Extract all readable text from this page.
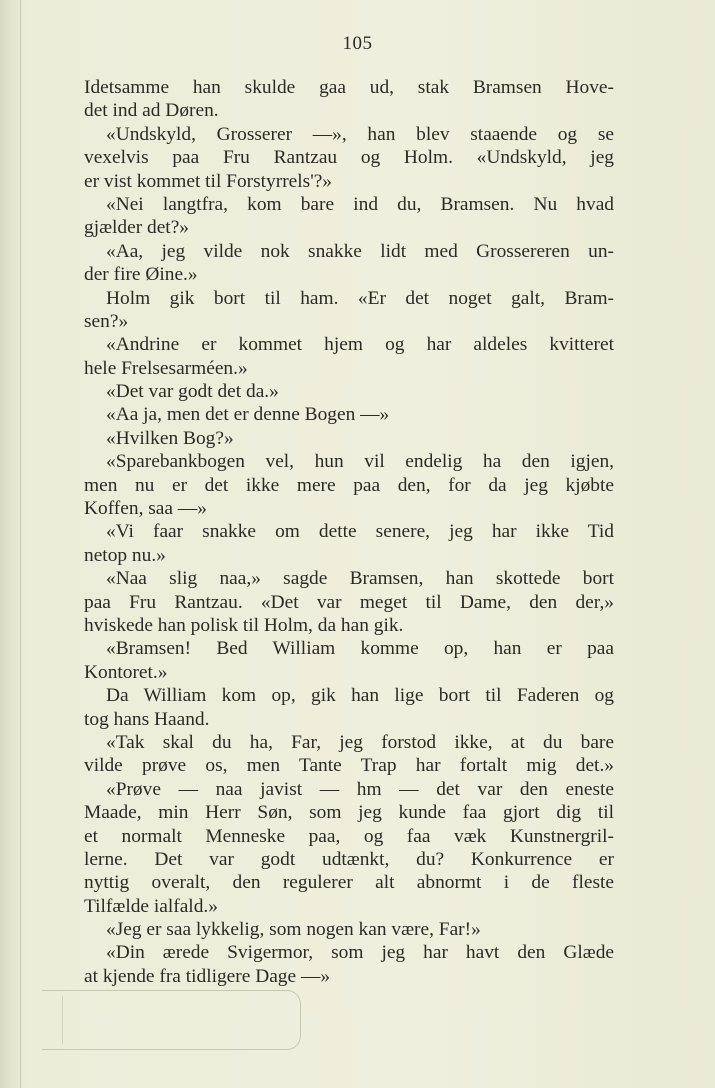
105
Idetsamme han skulde gaa ud, stak Bramsen Hove-
det ind ad Døren.
«Undskyld, Grosserer —», han blev staaende og se
vexelvis paa Fru Rantzau og Holm. «Undskyld, jeg
er vist kommet til Forstyrrels'?»
«Nei langtfra, kom bare ind du, Bramsen. Nu hvad
gjælder det?»
«Aa, jeg vilde nok snakke lidt med Grossereren un-
der fire Øine.»
Holm gik bort til ham. «Er det noget galt, Bram-
sen?»
«Andrine er kommet hjem og har aldeles kvitteret
hele Frelsesarméen.»
«Det var godt det da.»
«Aa ja, men det er denne Bogen —»
«Hvilken Bog?»
«Sparebankbogen vel, hun vil endelig ha den igjen,
men nu er det ikke mere paa den, for da jeg kjøbte
Koffen, saa —»
«Vi faar snakke om dette senere, jeg har ikke Tid
netop nu.»
«Naa slig naa,» sagde Bramsen, han skottede bort
paa Fru Rantzau. «Det var meget til Dame, den der,»
hviskede han polisk til Holm, da han gik.
«Bramsen! Bed William komme op, han er paa
Kontoret.»
Da William kom op, gik han lige bort til Faderen og
tog hans Haand.
«Tak skal du ha, Far, jeg forstod ikke, at du bare
vilde prøve os, men Tante Trap har fortalt mig det.»
«Prøve — naa javist — hm — det var den eneste
Maade, min Herr Søn, som jeg kunde faa gjort dig til
et normalt Menneske paa, og faa væk Kunstnergril-
lerne. Det var godt udtænkt, du? Konkurrence er
nyttig overalt, den regulerer alt abnormt i de fleste
Tilfælde ialfald.»
«Jeg er saa lykkelig, som nogen kan være, Far!»
«Din ærede Svigermor, som jeg har havt den Glæde
at kjende fra tidligere Dage —»
